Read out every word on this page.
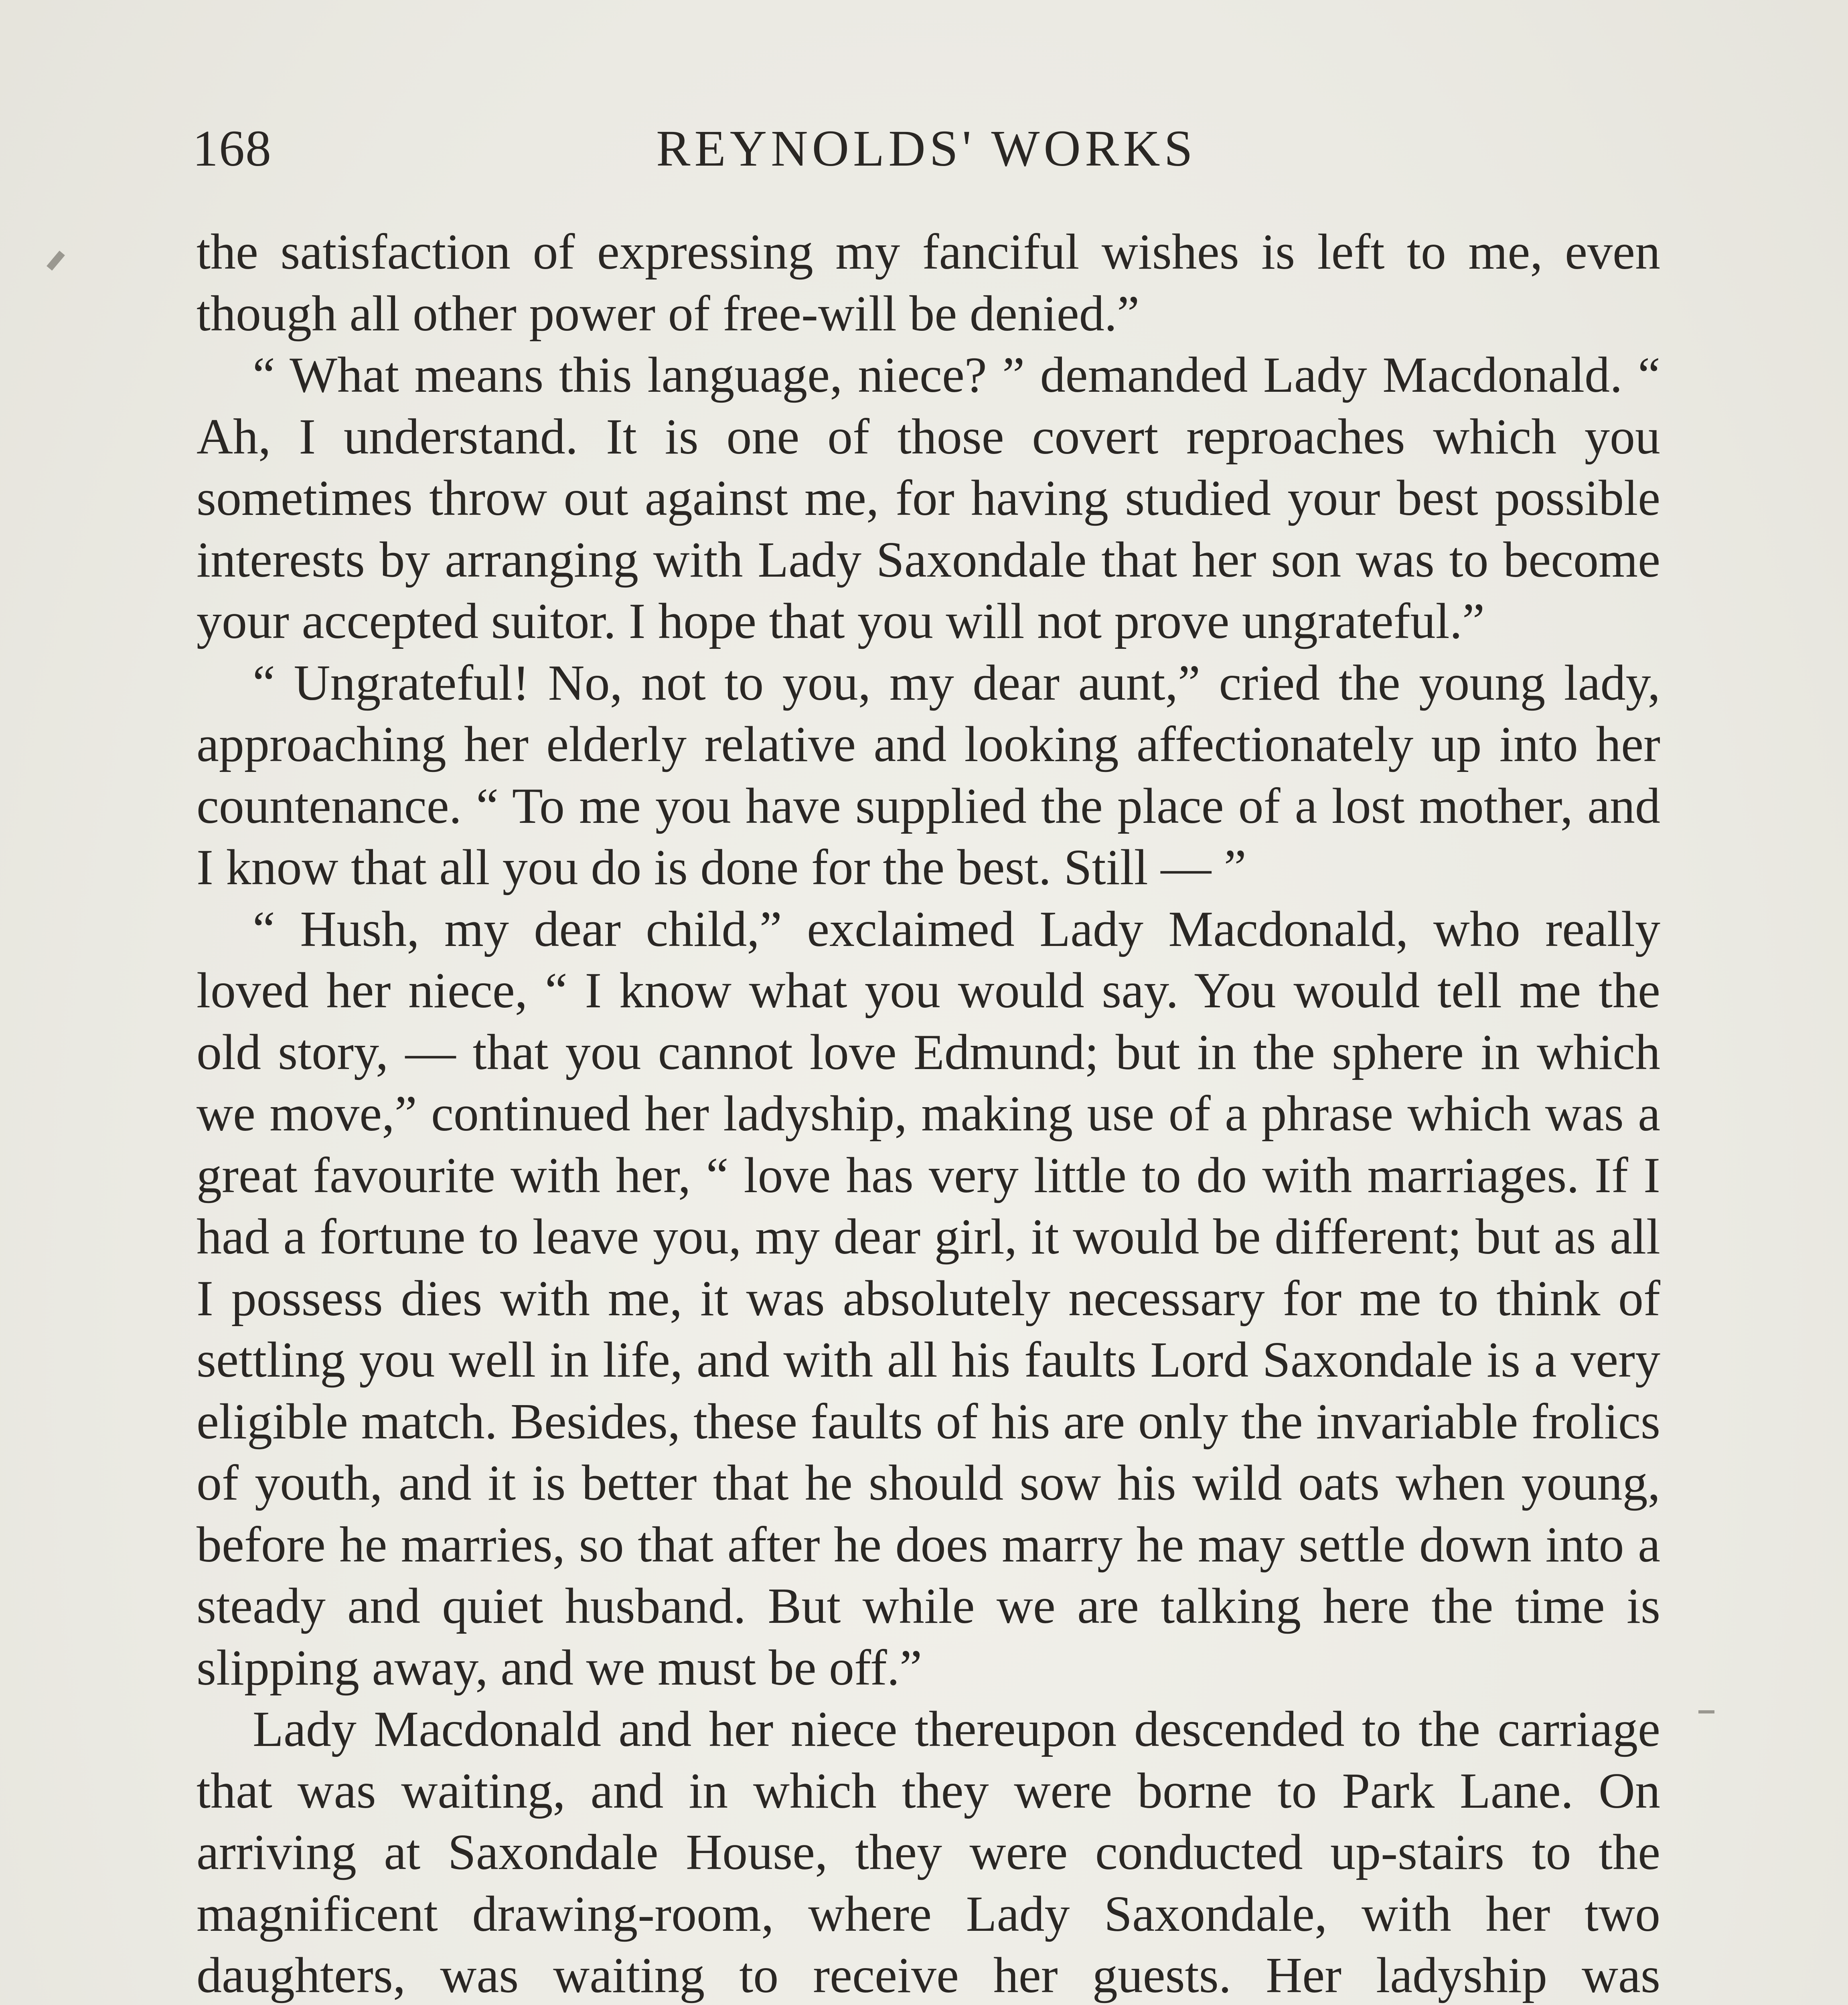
168	REYNOLDS' WORKS

the satisfaction of expressing my fanciful wishes is left to me, even though all other power of free-will be denied.”

“ What means this language, niece? ” demanded Lady Macdonald. “ Ah, I understand. It is one of those covert reproaches which you sometimes throw out against me, for having studied your best possible interests by arranging with Lady Saxondale that her son was to become your accepted suitor. I hope that you will not prove ungrateful.”

“ Ungrateful! No, not to you, my dear aunt,” cried the young lady, approaching her elderly relative and looking affectionately up into her countenance. “ To me you have supplied the place of a lost mother, and I know that all you do is done for the best. Still — ”

“ Hush, my dear child,” exclaimed Lady Macdonald, who really loved her niece, “ I know what you would say. You would tell me the old story, — that you cannot love Edmund; but in the sphere in which we move,” continued her ladyship, making use of a phrase which was a great favourite with her, “ love has very little to do with marriages. If I had a fortune to leave you, my dear girl, it would be different; but as all I possess dies with me, it was absolutely necessary for me to think of settling you well in life, and with all his faults Lord Saxondale is a very eligible match. Besides, these faults of his are only the invariable frolics of youth, and it is better that he should sow his wild oats when young, before he marries, so that after he does marry he may settle down into a steady and quiet husband. But while we are talking here the time is slipping away, and we must be off.”

Lady Macdonald and her niece thereupon descended to the carriage that was waiting, and in which they were borne to Park Lane. On arriving at Saxondale House, they were conducted up-stairs to the magnificent drawing-room, where Lady Saxondale, with her two daughters, was waiting to receive her guests. Her ladyship was
